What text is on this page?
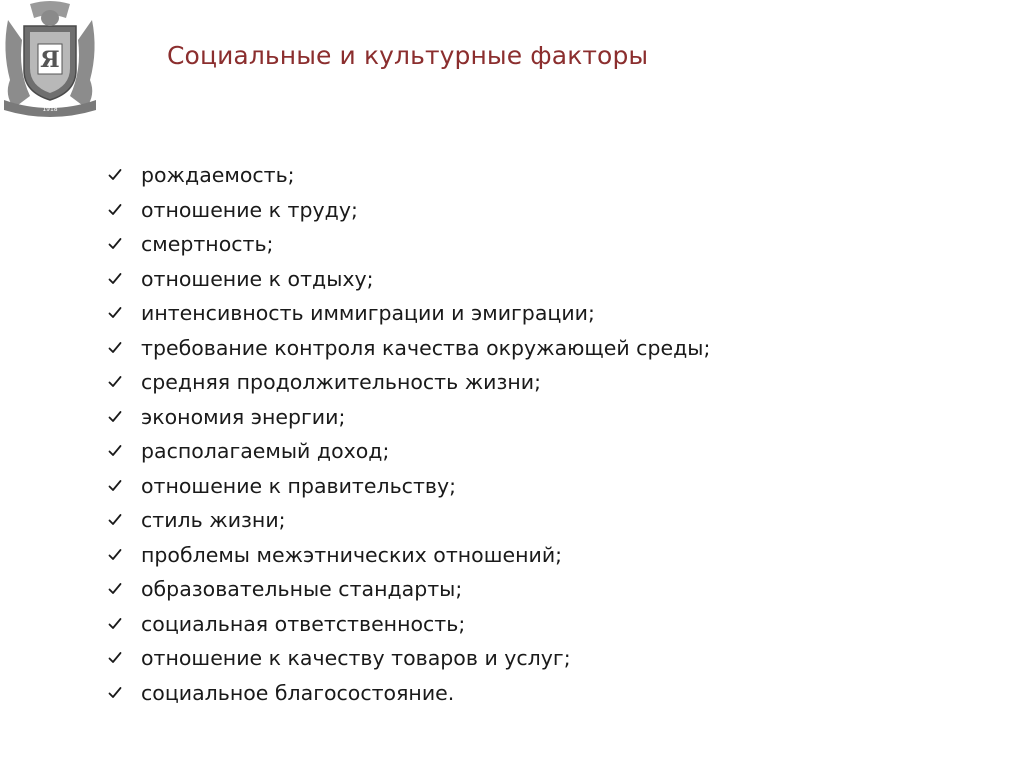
Я
1918
Социальные и культурные факторы
рождаемость;
отношение к труду;
смертность;
отношение к отдыху;
интенсивность иммиграции и эмиграции;
требование контроля качества окружающей среды;
средняя продолжительность жизни;
экономия энергии;
располагаемый доход;
отношение к правительству;
стиль жизни;
проблемы межэтнических отношений;
образовательные стандарты;
социальная ответственность;
отношение к качеству товаров и услуг;
социальное благосостояние.
